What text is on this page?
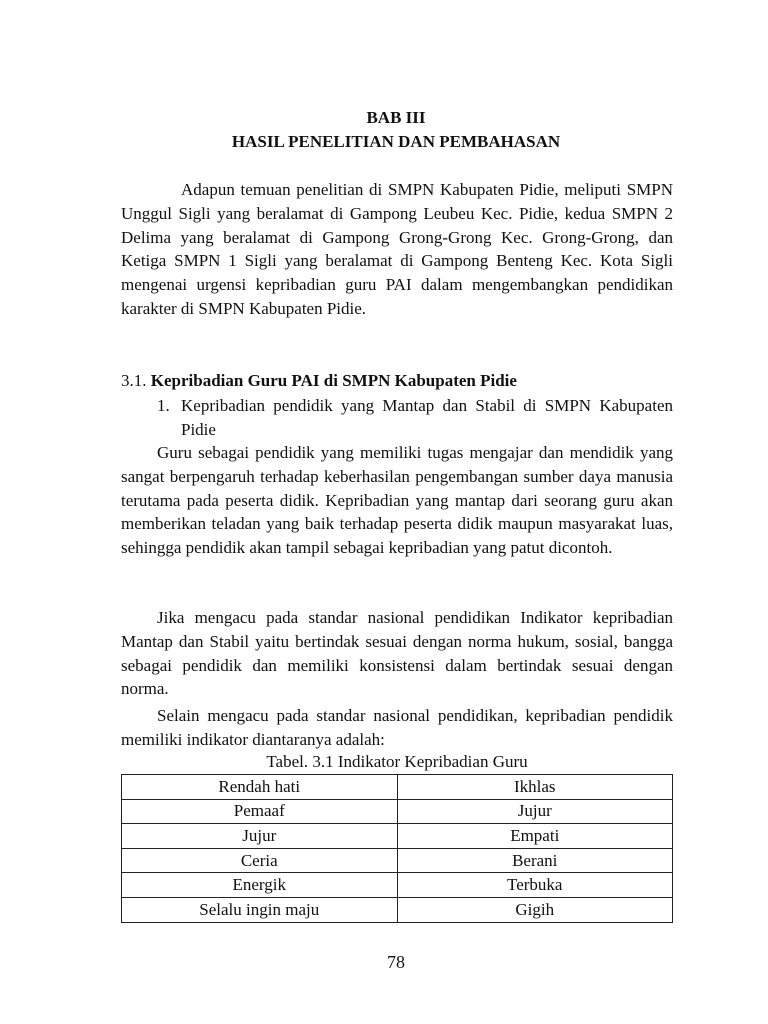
BAB III
HASIL PENELITIAN DAN PEMBAHASAN

Adapun temuan penelitian di SMPN Kabupaten Pidie, meliputi SMPN Unggul Sigli yang beralamat di Gampong Leubeu Kec. Pidie, kedua SMPN 2 Delima yang beralamat di Gampong Grong-Grong Kec. Grong-Grong, dan Ketiga SMPN 1 Sigli yang beralamat di Gampong Benteng Kec. Kota Sigli mengenai urgensi kepribadian guru PAI dalam mengembangkan pendidikan karakter di SMPN Kabupaten Pidie.

3.1. Kepribadian Guru PAI di SMPN Kabupaten Pidie
1. Kepribadian pendidik yang Mantap dan Stabil di SMPN Kabupaten Pidie

Guru sebagai pendidik yang memiliki tugas mengajar dan mendidik yang sangat berpengaruh terhadap keberhasilan pengembangan sumber daya manusia terutama pada peserta didik. Kepribadian yang mantap dari seorang guru akan memberikan teladan yang baik terhadap peserta didik maupun masyarakat luas, sehingga pendidik akan tampil sebagai kepribadian yang patut dicontoh.

Jika mengacu pada standar nasional pendidikan Indikator kepribadian Mantap dan Stabil yaitu bertindak sesuai dengan norma hukum, sosial, bangga sebagai pendidik dan memiliki konsistensi dalam bertindak sesuai dengan norma.

Selain mengacu pada standar nasional pendidikan, kepribadian pendidik memiliki indikator diantaranya adalah:

Tabel. 3.1 Indikator Kepribadian Guru
Rendah hati	Ikhlas
Pemaaf	Jujur
Jujur	Empati
Ceria	Berani
Energik	Terbuka
Selalu ingin maju	Gigih
78
